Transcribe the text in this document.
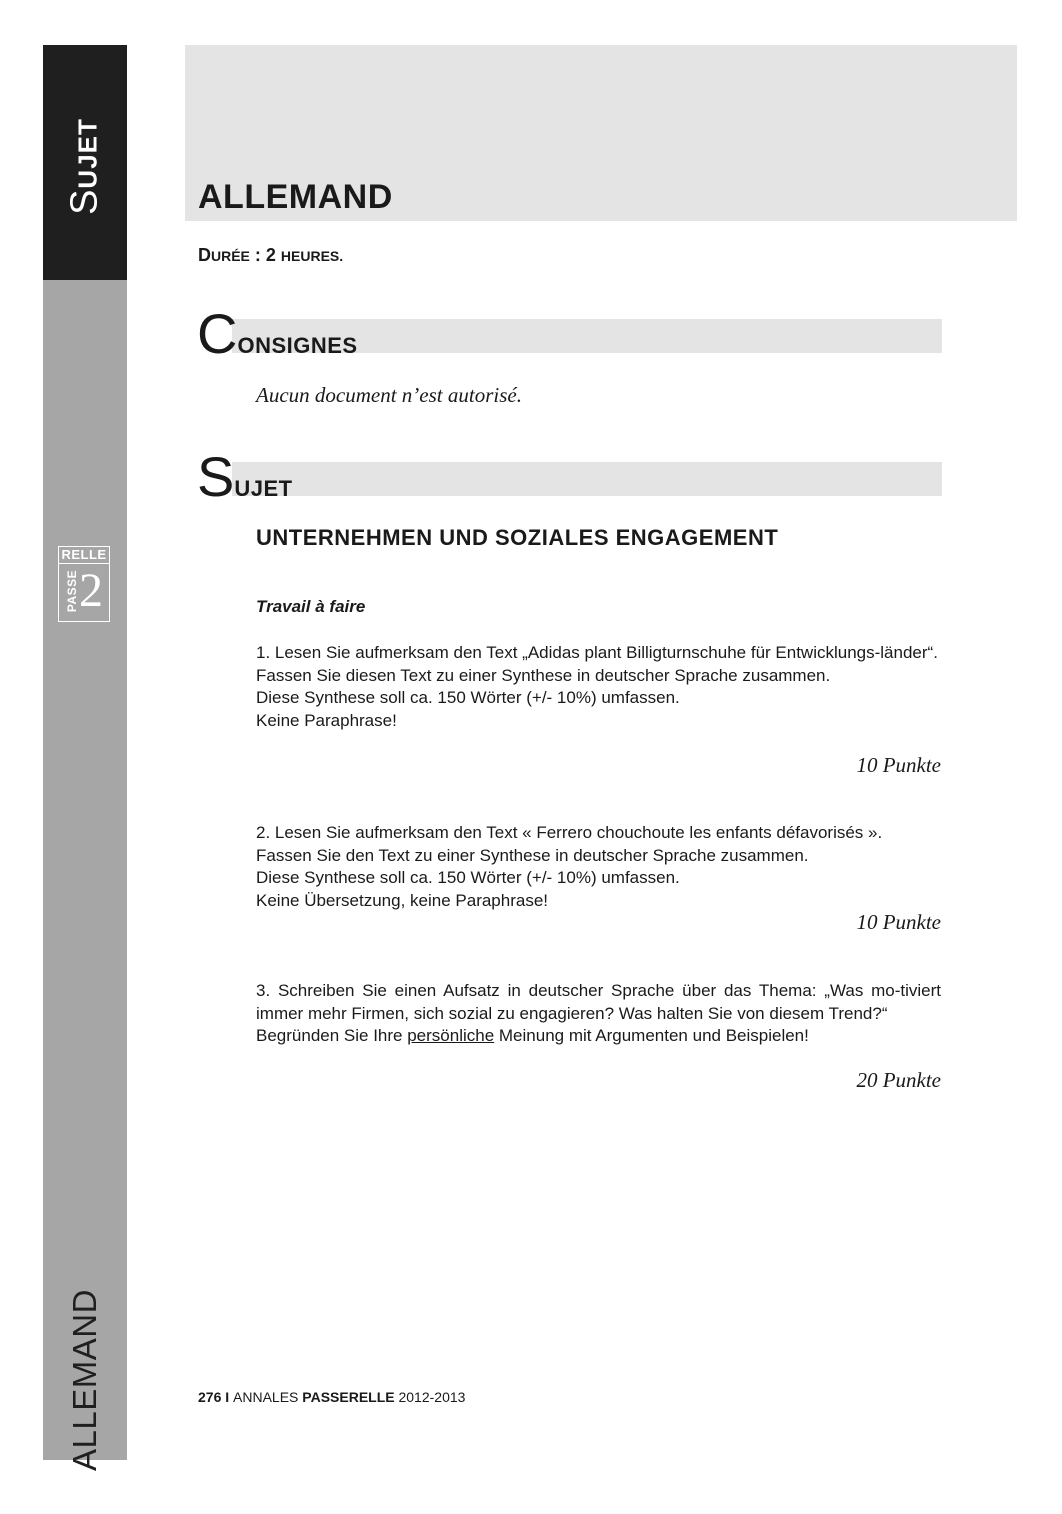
SUJET
ALLEMAND
RELLE
PASSE 2
ALLEMAND
DURÉE : 2 HEURES.
CONSIGNES
Aucun document n’est autorisé.
SUJET
UNTERNEHMEN UND SOZIALES ENGAGEMENT
Travail à faire

1. Lesen Sie aufmerksam den Text „Adidas plant Billigturnschuhe für Entwicklungs-länder“.

Fassen Sie diesen Text zu einer Synthese in deutscher Sprache zusammen.

Diese Synthese soll ca. 150 Wörter (+/- 10%) umfassen.

Keine Paraphrase!

10 Punkte

2. Lesen Sie aufmerksam den Text « Ferrero chouchoute les enfants défavorisés ».

Fassen Sie den Text zu einer Synthese in deutscher Sprache zusammen.

Diese Synthese soll ca. 150 Wörter (+/- 10%) umfassen.

Keine Übersetzung, keine Paraphrase!

10 Punkte

3. Schreiben Sie einen Aufsatz in deutscher Sprache über das Thema: „Was mo-tiviert immer mehr Firmen, sich sozial zu engagieren? Was halten Sie von diesem Trend?“

Begründen Sie Ihre persönliche Meinung mit Argumenten und Beispielen!

20 Punkte
276 I ANNALES PASSERELLE 2012-2013
